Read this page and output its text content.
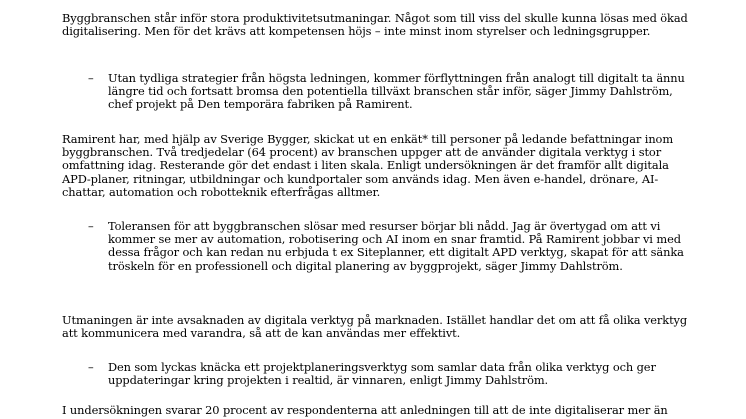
Byggbranschen står inför stora produktivitetsutmaningar. Något som till viss del skulle kunna lösas med ökad digitalisering. Men för det krävs att kompetensen höjs – inte minst inom styrelser och ledningsgrupper.

–	Utan tydliga strategier från högsta ledningen, kommer förflyttningen från analogt till digitalt ta ännu längre tid och fortsatt bromsa den potentiella tillväxt branschen står inför, säger Jimmy Dahlström, chef projekt på Den temporära fabriken på Ramirent.

Ramirent har, med hjälp av Sverige Bygger, skickat ut en enkät* till personer på ledande befattningar inom byggbranschen. Två tredjedelar (64 procent) av branschen uppger att de använder digitala verktyg i stor omfattning idag. Resterande gör det endast i liten skala. Enligt undersökningen är det framför allt digitala APD-planer, ritningar, utbildningar och kundportaler som används idag. Men även e-handel, drönare, AI-chattar, automation och robotteknik efterfrågas alltmer.

–	Toleransen för att byggbranschen slösar med resurser börjar bli nådd. Jag är övertygad om att vi kommer se mer av automation, robotisering och AI inom en snar framtid. På Ramirent jobbar vi med dessa frågor och kan redan nu erbjuda t ex Siteplanner, ett digitalt APD verktyg, skapat för att sänka tröskeln för en professionell och digital planering av byggprojekt, säger Jimmy Dahlström.

Utmaningen är inte avsaknaden av digitala verktyg på marknaden. Istället handlar det om att få olika verktyg att kommunicera med varandra, så att de kan användas mer effektivt.

–	Den som lyckas knäcka ett projektplaneringsverktyg som samlar data från olika verktyg och ger uppdateringar kring projekten i realtid, är vinnaren, enligt Jimmy Dahlström.

I undersökningen svarar 20 procent av respondenterna att anledningen till att de inte digitaliserar mer än
